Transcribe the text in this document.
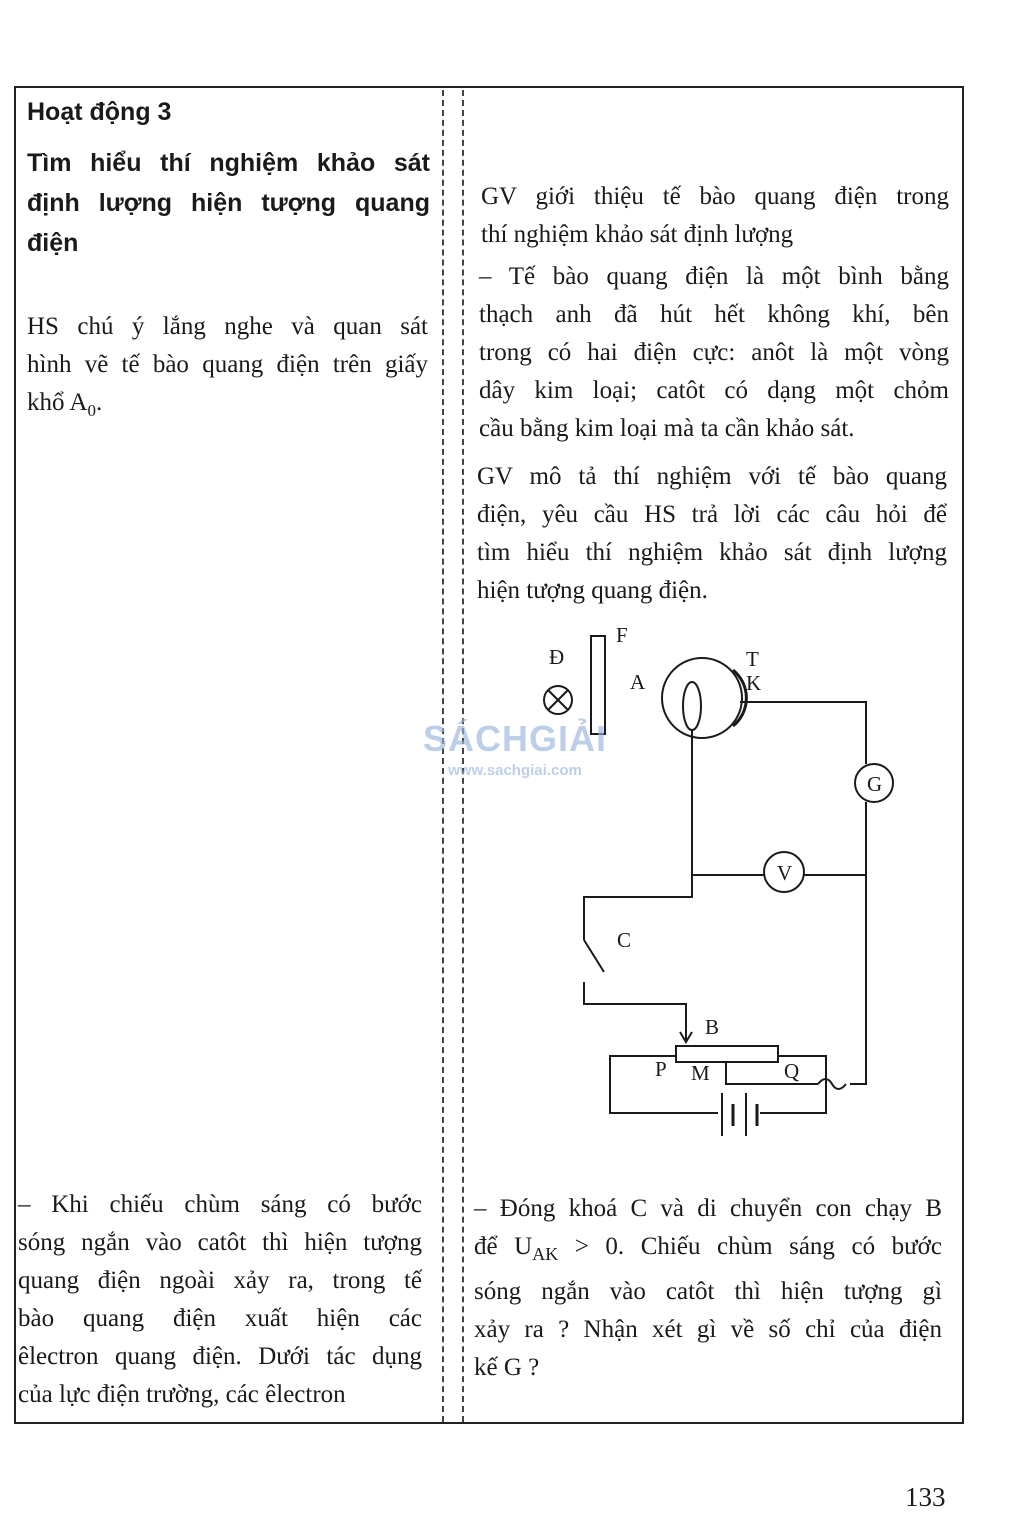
Hoạt động 3
Tìm hiểu thí nghiệm khảo sát
định lượng hiện tượng quang
điện
HS chú ý lắng nghe và quan sát
hình vẽ tế bào quang điện trên giấy
khổ $A_0$.
– Khi chiếu chùm sáng có bước
sóng ngắn vào catôt thì hiện tượng
quang điện ngoài xảy ra, trong tế
bào quang điện xuất hiện các
êlectron quang điện. Dưới tác dụng
của lực điện trường, các êlectron
GV giới thiệu tế bào quang điện trong
thí nghiệm khảo sát định lượng
– Tế bào quang điện là một bình bằng
thạch anh đã hút hết không khí, bên
trong có hai điện cực: anôt là một vòng
dây kim loại; catôt có dạng một chỏm
cầu bằng kim loại mà ta cần khảo sát.
GV mô tả thí nghiệm với tế bào quang
điện, yêu cầu HS trả lời các câu hỏi để
tìm hiểu thí nghiệm khảo sát định lượng
hiện tượng quang điện.
Đ
F
A
T
K
G
V
C
B
P M	Q
SÁCHGIẢI
www.sachgiai.com
– Đóng khoá C và di chuyển con chạy B
để $U_{AK} > 0$. Chiếu chùm sáng có bước
sóng ngắn vào catôt thì hiện tượng gì
xảy ra ? Nhận xét gì về số chỉ của điện
kế G ?
133
